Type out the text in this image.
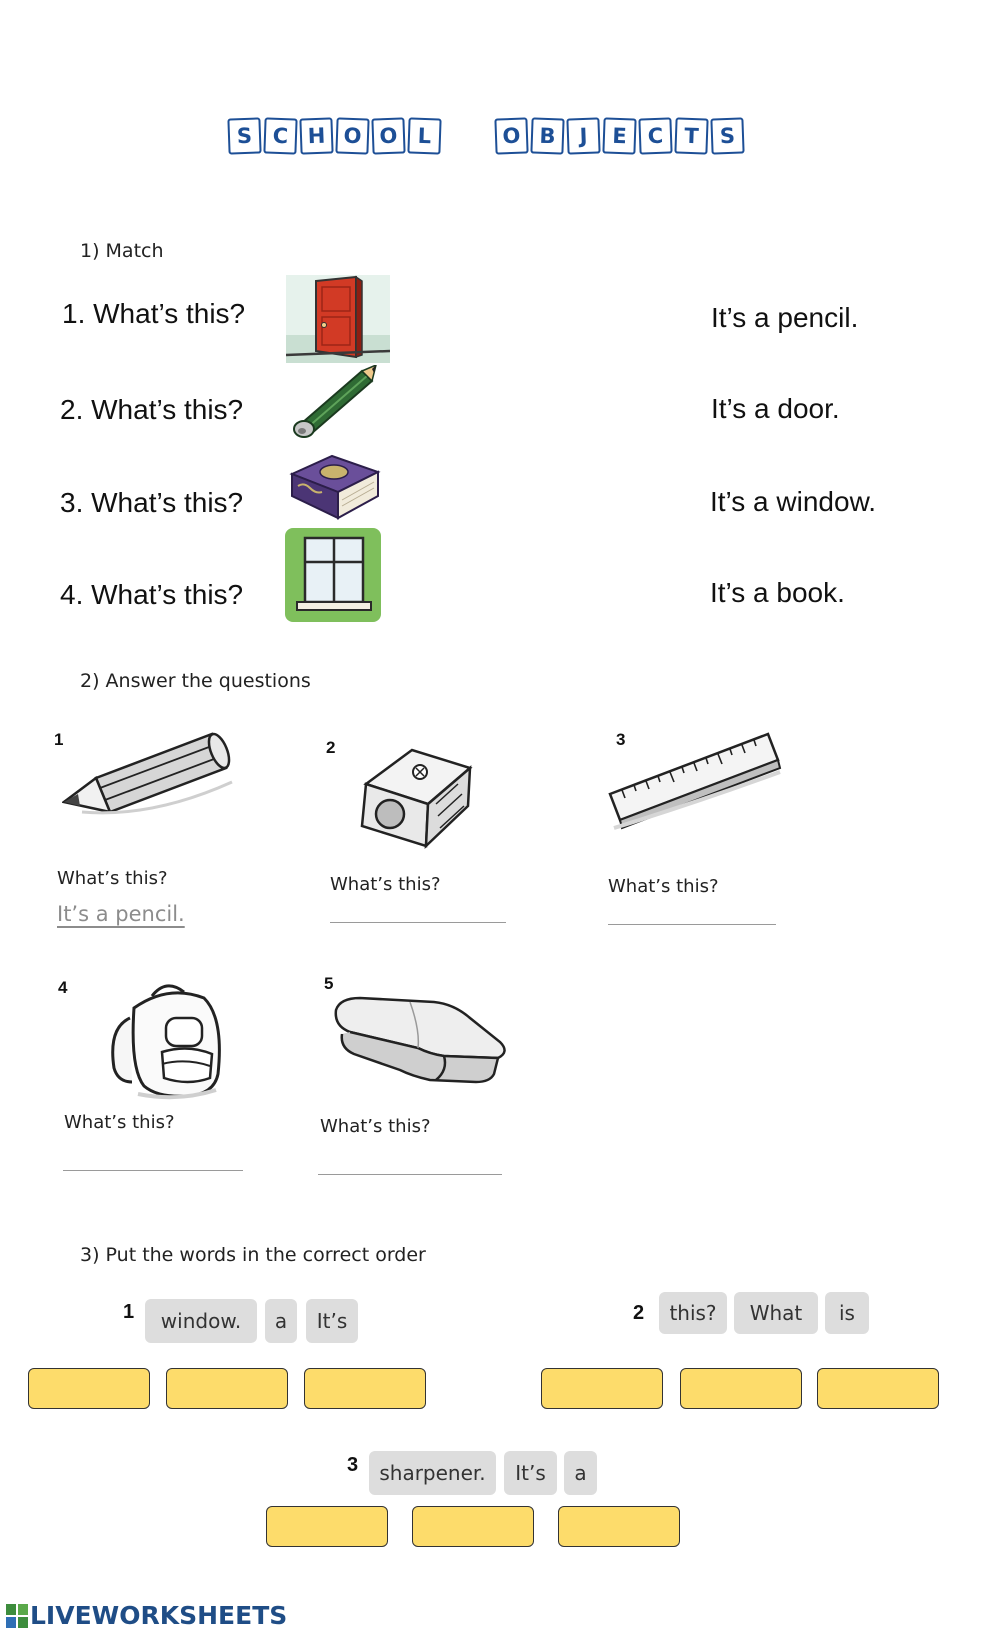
S C H O O L	O B	J	E C T S
1) Match
1. What’s this?
2. What’s this?
3. What’s this?
4. What’s this?
It’s a pencil.
It’s a door.
It’s a window.
It’s a book.
2) Answer the questions
1
What’s this?
It’s a pencil.
2
What’s this?
3
What’s this?
4
What’s this?
5
What’s this?
3) Put the words in the correct order
1	window.	a	It’s	2	this?	What	is
3	sharpener.	It’s	a
LIVEWORKSHEETS
